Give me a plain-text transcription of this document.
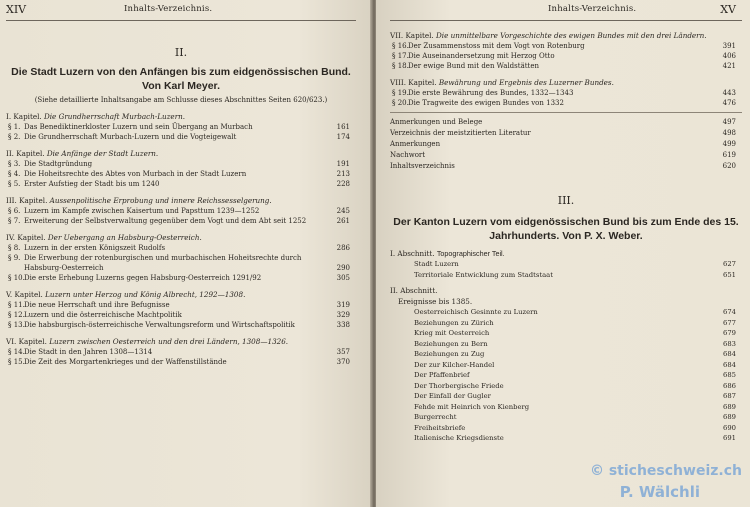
XIV	Inhalts-Verzeichnis.
II.
Die Stadt Luzern von den Anfängen bis zum eidgenössischen Bund. Von Karl Meyer.
(Siehe detaillierte Inhaltsangabe am Schlusse dieses Abschnittes Seiten 620/623.)
I. Kapitel. Die Grundherrschaft Murbach-Luzern.
§ 1. Das Benediktinerkloster Luzern und sein Übergang an Murbach	161
§ 2. Die Grundherrschaft Murbach-Luzern und die Vogteigewalt	174
II. Kapitel. Die Anfänge der Stadt Luzern.
§ 3. Die Stadtgründung	191
§ 4. Die Hoheitsrechte des Abtes von Murbach in der Stadt Luzern	213
§ 5. Erster Aufstieg der Stadt bis um 1240	228
III. Kapitel. Aussenpolitische Erprobung und innere Reichssesselgerung.
§ 6. Luzern im Kampfe zwischen Kaisertum und Papsttum 1239—1252	245
§ 7. Erweiterung der Selbstverwaltung gegenüber dem Vogt und dem Abt seit 1252	261
IV. Kapitel. Der Uebergang an Habsburg-Oesterreich.
§ 8. Luzern in der ersten Königszeit Rudolfs	286
§ 9. Die Erwerbung der rotenburgischen und murbachischen Hoheitsrechte durch Habsburg-Oesterreich	290
§ 10. Die erste Erhebung Luzerns gegen Habsburg-Oesterreich 1291/92	305
V. Kapitel. Luzern unter Herzog und König Albrecht, 1292—1308.
§ 11. Die neue Herrschaft und ihre Befugnisse	319
§ 12. Luzern und die österreichische Machtpolitik	329
§ 13. Die habsburgisch-österreichische Verwaltungsreform und Wirtschaftspolitik	338
VI. Kapitel. Luzern zwischen Oesterreich und den drei Ländern, 1308—1326.
§ 14. Die Stadt in den Jahren 1308—1314	357
§ 15. Die Zeit des Morgartenkrieges und der Waffenstillstände	370
Inhalts-Verzeichnis.	XV
VII. Kapitel. Die unmittelbare Vorgeschichte des ewigen Bundes mit den drei Ländern.
§ 16. Der Zusammenstoss mit dem Vogt von Rotenburg	391
§ 17. Die Auseinandersetzung mit Herzog Otto	406
§ 18. Der ewige Bund mit den Waldstätten	421
VIII. Kapitel. Bewährung und Ergebnis des Luzerner Bundes.
§ 19. Die erste Bewährung des Bundes, 1332—1343	443
§ 20. Die Tragweite des ewigen Bundes von 1332	476
Anmerkungen und Belege	497
Verzeichnis der meistzitierten Literatur	498
Anmerkungen	499
Nachwort	619
Inhaltsverzeichnis	620
III.
Der Kanton Luzern vom eidgenössischen Bund bis zum Ende des 15. Jahrhunderts. Von P. X. Weber.
I. Abschnitt. Topographischer Teil.
Stadt Luzern	627
Territoriale Entwicklung zum Stadtstaat	651
II. Abschnitt.
Ereignisse bis 1385.
Oesterreichisch Gesinnte zu Luzern	674
Beziehungen zu Zürich	677
Krieg mit Oesterreich	679
Beziehungen zu Bern	683
Beziehungen zu Zug	684
Der zur Kilcher-Handel	684
Der Pfaffenbrief	685
Der Thorbergische Friede	686
Der Einfall der Gugler	687
Fehde mit Heinrich von Kienberg	689
Burgerrecht	689
Freiheitsbriefe	690
Italienische Kriegsdienste	691
© sticheschweiz.ch
P. Wälchli
